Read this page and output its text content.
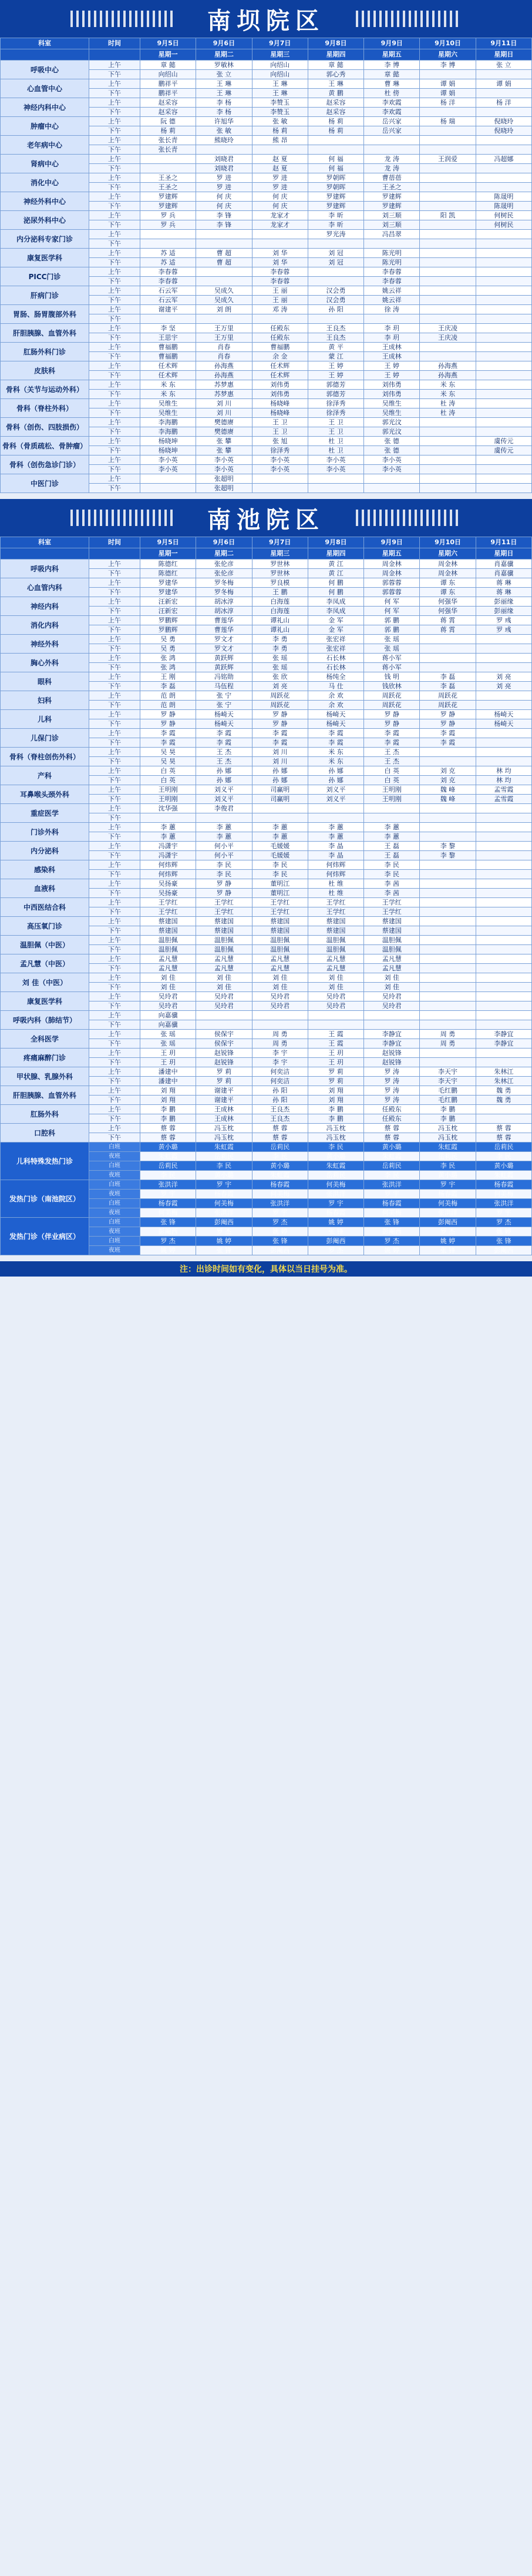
南坝院区
科室	时间	9月5日	9月6日	9月7日	9月8日	9月9日	9月10日	9月11日
		星期一	星期二	星期三	星期四	星期五	星期六	星期日
呼吸中心	上午	章 懿	罗敏林	向绍山	章 懿	李 博	李 博	张 立
	下午	向绍山	张 立	向绍山	郭心秀	章 懿		
心血管中心	上午	鹏祥平	王 琳	王 琳	王 琳	曹 琳	谭 娟	谭 娟
	下午	鹏祥平	王 琳	王 琳	黄 鹏	杜 傍	谭 娟	
神经内科中心	上午	赵采容	李 杨	李赞玉	赵采容	李欢霞	杨 洋	杨 洋
	下午	赵采容	李 杨	李赞玉	赵采容	李欢霞		
肿瘤中心	上午	阮 德	许旭华	张 敏	杨 莉	岳兴家	杨 瑞	倪晓玲
	下午	杨 莉	张 敏	杨 莉	杨 莉	岳兴家		倪晓玲
老年病中心	上午	张长青	熊晓玲	熊 昂				
	下午	张长青						
肾病中心	上午		刘晓君	赵 夏	何 福	龙 涛	王润爱	冯超娜
	下午		刘晓君	赵 夏	何 福	龙 涛		
消化中心	上午	王圣之	罗 进	罗 进	罗朝晖	曹蓓蓓		
	下午	王圣之	罗 进	罗 进	罗朝晖	王圣之		
神经外科中心	上午	罗建辉	何 庆	何 庆	罗建辉	罗建辉		陈晟明
	下午	罗建辉	何 庆	何 庆	罗建辉	罗建辉		陈晟明
泌尿外科中心	上午	罗 兵	李 锋	龙家才	李 昕	刘三顺	阳 凯	何树民
	下午	罗 兵	李 锋	龙家才	李 昕	刘三顺		何树民
内分泌科专家门诊	上午				罗光涛	冯昌翠		
	下午							
康复医学科	上午	苏 适	曹 超	刘 华	刘 冠	陈光明		
	下午	苏 适	曹 超	刘 华	刘 冠	陈光明		
PICC门诊	上午	李春蓉		李春蓉		李春蓉		
	下午	李春蓉		李春蓉		李春蓉		
肝病门诊	上午	石云军	吴成久	王 丽	汉会勇	姚云祥		
	下午	石云军	吴成久	王 丽	汉会勇	姚云祥		
胃肠、肠胃腹部外科	上午	谢建平	刘 朗	邓 涛	孙 阳	徐 涛		
	下午							
肝胆胰腺、血管外科	上午	李 坚	王万里	任殿东	王良杰	李 玥	王庆凌	
	下午	王思宇	王万里	任殿东	王良杰	李 玥	王庆凌	
肛肠外科门诊	上午	曹福鹏	肖春	曹福鹏	黄 平	王成林		
	下午	曹福鹏	肖春	余 金	蒙 江	王成林		
皮肤科	上午	任术辉	孙海燕	任术辉	王 婷	王 婷	孙海燕	
	下午	任术辉	孙海燕	任术辉	王 婷	王 婷	孙海燕	
骨科（关节与运动外科）	上午	米 东	苏梦惠	刘伟勇	郭德芳	刘伟勇	米 东	
	下午	米 东	苏梦惠	刘伟勇	郭德芳	刘伟勇	米 东	
骨科（脊柱外科）	上午	吴维生	刘 川	杨晓峰	徐泽秀	吴维生	杜 涛	
	下午	吴维生	刘 川	杨晓峰	徐泽秀	吴维生	杜 涛	
骨科（创伤、四肢损伤）	上午	李海鹏	樊德赓	王 卫	王 卫	郭光汶		
	下午	李海鹏	樊德赓	王 卫	王 卫	郭光汶		
骨科（骨质疏松、骨肿瘤）	上午	杨晓坤	张 攀	张 旭	杜 卫	张 德		虞传元
	下午	杨晓坤	张 攀	徐泽秀	杜 卫	张 德		虞传元
骨科（创伤急诊门诊）	上午	李小英	李小英	李小英	李小英	李小英		
	下午	李小英	李小英	李小英	李小英	李小英		
中医门诊	上午		张超明					
	下午		张超明					
南池院区
科室	时间	9月5日	9月6日	9月7日	9月8日	9月9日	9月10日	9月11日
		星期一	星期二	星期三	星期四	星期五	星期六	星期日
呼吸内科	上午	陈德红	张伦彦	罗世林	黄 江	周金林	周金林	肖嘉骥
	下午	陈德红	张伦彦	罗世林	黄 江	周金林	周金林	肖嘉骥
心血管内科	上午	罗建华	罗冬梅	罗良模	何 鹏	郭蓉蓉	谭 东	蒋 琳
	下午	罗建华	罗冬梅	王 鹏	何 鹏	郭蓉蓉	谭 东	蒋 琳
神经内科	上午	汪新宏	胡冰淳	白海莲	李凤成	何 军	何强华	彭丽缘
	下午	汪新宏	胡冰淳	白海莲	李凤成	何 军	何强华	彭丽缘
消化内科	上午	罗鹏辉	曹莲华	谭礼山	金 军	郭 鹏	蒋 霄	罗 彧
	下午	罗鹏辉	曹莲华	谭礼山	金 军	郭 鹏	蒋 霄	罗 彧
神经外科	上午	吴 勇	罗文才	李 勇	张宏祥	张 瑶		
	下午	吴 勇	罗文才	李 勇	张宏祥	张 瑶		
胸心外科	上午	张 鸿	黄跃辉	张 瑶	石长林	蒋小军		
	下午	张 鸿	黄跃辉	张 瑶	石长林	蒋小军		
眼科	上午	王 刚	冯铭勋	张 欣	杨纯全	钱 明	李 磊	刘 亮
	下午	李 磊	马伍程	刘 亮	马 仕	钱欣林	李 磊	刘 亮
妇科	上午	范 朗	张 宁	周跃花	余 欢	周跃花	周跃花	
	下午	范 朗	张 宁	周跃花	余 欢	周跃花	周跃花	
儿科	上午	罗 静	杨崎天	罗 静	杨崎天	罗 静	罗 静	杨崎天
	下午	罗 静	杨崎天	罗 静	杨崎天	罗 静	罗 静	杨崎天
儿保门诊	上午	李 霞	李 霞	李 霞	李 霞	李 霞	李 霞	
	下午	李 霞	李 霞	李 霞	李 霞	李 霞	李 霞	
骨科（脊柱创伤外科）	上午	吴 昊	王 杰	刘 川	米 东	王 杰		
	下午	吴 昊	王 杰	刘 川	米 东	王 杰		
产科	上午	白 英	孙 娜	孙 娜	孙 娜	白 英	刘 克	林 均
	下午	白 英	孙 娜	孙 娜	孙 娜	白 英	刘 克	林 均
耳鼻喉头颈外科	上午	王明刚	刘义平	司赢明	刘义平	王明刚	魏 峰	孟雪霞
	下午	王明刚	刘义平	司赢明	刘义平	王明刚	魏 峰	孟雪霞
重症医学	上午	沈华强	李俊君					
	下午							
门诊外科	上午	李 蕙	李 蕙	李 蕙	李 蕙	李 蕙		
	下午	李 蕙	李 蕙	李 蕙	李 蕙	李 蕙		
内分泌科	上午	冯潇宇	何小平	毛媛媛	李 晶	王 磊	李 黎	
	下午	冯潇宇	何小平	毛媛媛	李 晶	王 磊	李 黎	
感染科	上午	何炜辉	李 民	李 民	何炜辉	李 民		
	下午	何炜辉	李 民	李 民	何炜辉	李 民		
血液科	上午	吴扬豪	罗 静	董明江	杜 维	李 茜		
	下午	吴扬豪	罗 静	董明江	杜 维	李 茜		
中西医结合科	上午	王学红	王学红	王学红	王学红	王学红		
	下午	王学红	王学红	王学红	王学红	王学红		
高压氧门诊	上午	蔡建国	蔡建国	蔡建国	蔡建国	蔡建国		
	下午	蔡建国	蔡建国	蔡建国	蔡建国	蔡建国		
温胆佩（中医）	上午	温胆佩	温胆佩	温胆佩	温胆佩	温胆佩		
	下午	温胆佩	温胆佩	温胆佩	温胆佩	温胆佩		
孟凡慧（中医）	上午	孟凡慧	孟凡慧	孟凡慧	孟凡慧	孟凡慧		
	下午	孟凡慧	孟凡慧	孟凡慧	孟凡慧	孟凡慧		
刘 佳（中医）	上午	刘 佳	刘 佳	刘 佳	刘 佳	刘 佳		
	下午	刘 佳	刘 佳	刘 佳	刘 佳	刘 佳		
康复医学科	上午	吴玲君	吴玲君	吴玲君	吴玲君	吴玲君		
	下午	吴玲君	吴玲君	吴玲君	吴玲君	吴玲君		
呼吸内科（肺结节）	上午	向嘉骥						
	下午	向嘉骥						
全科医学	上午	张 瑶	侯保宇	周 勇	王 霞	李静宜	周 勇	李静宜
	下午	张 瑶	侯保宇	周 勇	王 霞	李静宜	周 勇	李静宜
疼痛麻醉门诊	上午	王 玥	赵锐锋	李 宇	王 玥	赵锐锋		
	下午	王 玥	赵锐锋	李 宇	王 玥	赵锐锋		
甲状腺、乳腺外科	上午	潘建中	罗 莉	何奕洁	罗 莉	罗 涛	李天宇	朱林江
	下午	潘建中	罗 莉	何奕洁	罗 莉	罗 涛	李天宇	朱林江
肝胆胰腺、血管外科	上午	刘 翔	谢建平	孙 阳	刘 翔	罗 涛	毛红鹏	魏 勇
	下午	刘 翔	谢建平	孙 阳	刘 翔	罗 涛	毛红鹏	魏 勇
肛肠外科	上午	李 鹏	王成林	王良杰	李 鹏	任殿东	李 鹏	
	下午	李 鹏	王成林	王良杰	李 鹏	任殿东	李 鹏	
口腔科	上午	蔡 蓉	冯玉枕	蔡 蓉	冯玉枕	蔡 蓉	冯玉枕	蔡 蓉
	下午	蔡 蓉	冯玉枕	蔡 蓉	冯玉枕	蔡 蓉	冯玉枕	蔡 蓉
儿科特殊发热门诊	白班	黄小璐	朱虹霞	岳莉民	李 民	黄小璐	朱虹霞	岳莉民
	夜班	朱虹霞	岳莉民	李 民	黄小璐	朱虹霞	岳莉民	李 民
	白班	岳莉民	李 民	黄小璐	朱虹霞	岳莉民	李 民	黄小璐
	夜班	李 民	黄小璐	朱虹霞	岳莉民	李 民	黄小璐	朱虹霞
发热门诊（南池院区）	白班	张洪洋	罗 宇	杨春霞	何美梅	张洪洋	罗 宇	杨春霞
	夜班	罗 宇	杨春霞	何美梅	张洪洋	罗 宇	杨春霞	何美梅
	白班	杨春霞	何美梅	张洪洋	罗 宇	杨春霞	何美梅	张洪洋
	夜班	何美梅	张洪洋	罗 宇	杨春霞	何美梅	张洪洋	罗 宇
发热门诊（伴业病区）	白班	张 锋	彭阉西	罗 杰	姚 婷	张 锋	彭阉西	罗 杰
	夜班	彭阉西	罗 杰	姚 婷	张 锋	彭阉西	罗 杰	姚 婷
	白班	罗 杰	姚 婷	张 锋	彭阉西	罗 杰	姚 婷	张 锋
	夜班	姚 婷	张 锋	彭阉西	罗 杰	姚 婷	张 锋	彭阉西
注：出诊时间如有变化，具体以当日挂号为准。
